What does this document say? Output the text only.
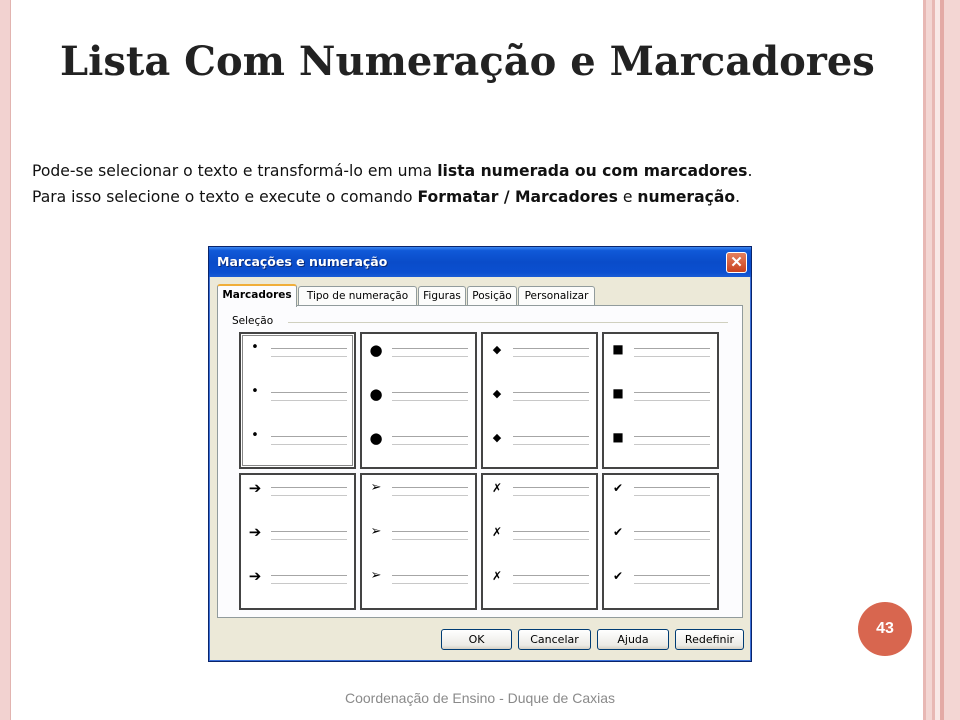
Lista Com Numeração e Marcadores
Pode-se selecionar o texto e transformá-lo em uma lista numerada ou com marcadores.
Para isso selecione o texto e execute o comando Formatar / Marcadores e numeração.
Marcações e numeração	✕
Marcadores	Tipo de numeração	Figuras	Posição	Personalizar
Seleção
•
•
•
●
●
●
◆
◆
◆
■
■
■
➔
➔
➔
➢
➢
➢
✗
✗
✗
✔
✔
✔
OK	Cancelar	Ajuda	Redefinir
43
Coordenação de Ensino - Duque de Caxias
